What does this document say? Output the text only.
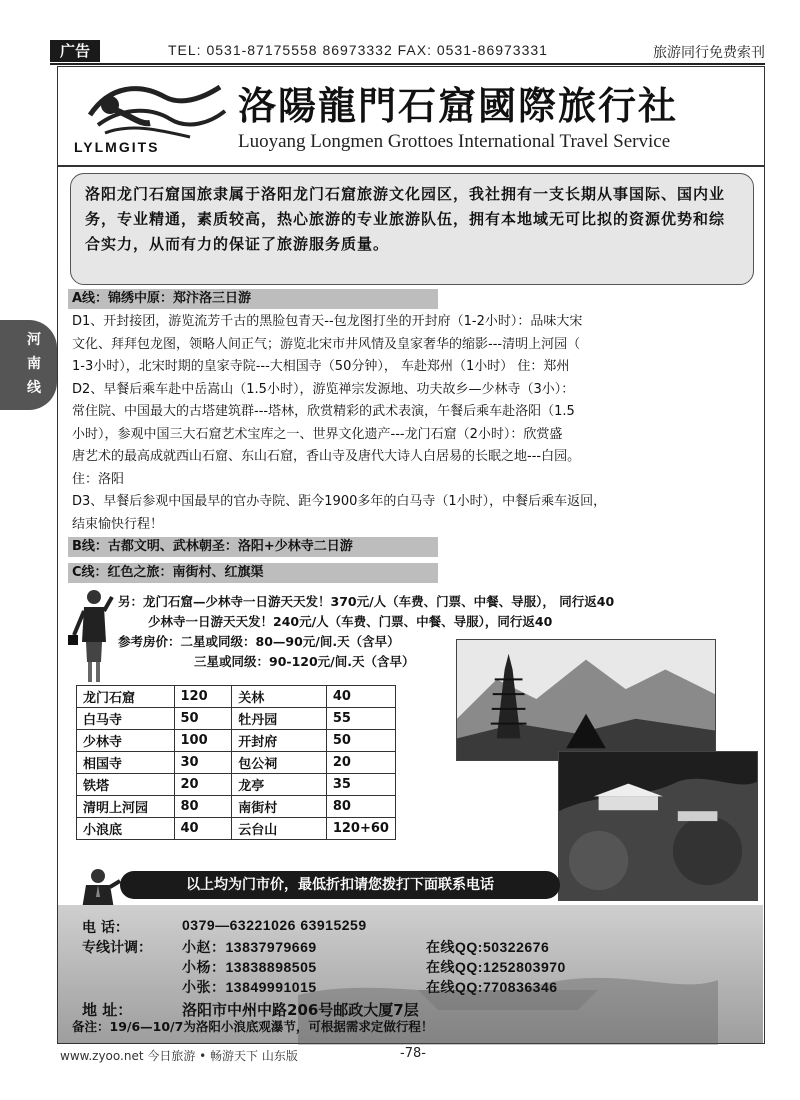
广告	TEL: 0531-87175558 86973332 FAX: 0531-86973331	旅游同行免费索刊
河
南
线
LYLMGITS
洛陽龍門石窟國際旅行社
Luoyang Longmen Grottoes International Travel Service
洛阳龙门石窟国旅隶属于洛阳龙门石窟旅游文化园区，我社拥有一支长期从事国际、国内业务，专业精通，素质较高，热心旅游的专业旅游队伍，拥有本地域无可比拟的资源优势和综合实力，从而有力的保证了旅游服务质量。
A线：锦绣中原：郑汴洛三日游

D1、开封接团，游览流芳千古的黑脸包青天--包龙图打坐的开封府（1-2小时）：品味大宋

文化、拜拜包龙图，领略人间正气；游览北宋市井风情及皇家奢华的缩影---清明上河园（

1-3小时），北宋时期的皇家寺院---大相国寺（50分钟）， 车赴郑州（1小时） 住：郑州

D2、早餐后乘车赴中岳嵩山（1.5小时），游览禅宗发源地、功夫故乡—少林寺（3小）：

常住院、中国最大的古塔建筑群---塔林，欣赏精彩的武术表演，午餐后乘车赴洛阳（1.5

小时），参观中国三大石窟艺术宝库之一、世界文化遗产---龙门石窟（2小时）：欣赏盛

唐艺术的最高成就西山石窟、东山石窟，香山寺及唐代大诗人白居易的长眠之地---白园。

住：洛阳

D3、早餐后参观中国最早的官办寺院、距今1900多年的白马寺（1小时），中餐后乘车返回，

结束愉快行程！

B线：古都文明、武林朝圣：洛阳+少林寺二日游
C线：红色之旅：南街村、红旗渠

另：龙门石窟—少林寺一日游天天发！370元/人（车费、门票、中餐、导服）， 同行返40

少林寺一日游天天发！240元/人（车费、门票、中餐、导服），同行返40

参考房价：二星或同级：80—90元/间.天（含早）

三星或同级：90-120元/间.天（含早）

龙门石窟	120	关林	40
白马寺	50	牡丹园	55
少林寺	100	开封府	50
相国寺	30	包公祠	20
铁塔	20	龙亭	35
清明上河园	80	南街村	80
小浪底	40	云台山	120+60
以上均为门市价，最低折扣请您拨打下面联系电话
电 话：	0379—63221026 63915259
专线计调： 小赵：13837979669	在线QQ:50322676
小杨：13838898505	在线QQ:1252803970
小张：13849991015	在线QQ:770836346
地 址：	洛阳市中州中路206号邮政大厦7层
备注：19/6—10/7为洛阳小浪底观瀑节，可根据需求定做行程！
www.zyoo.net 今日旅游 • 畅游天下 山东版	-78-
